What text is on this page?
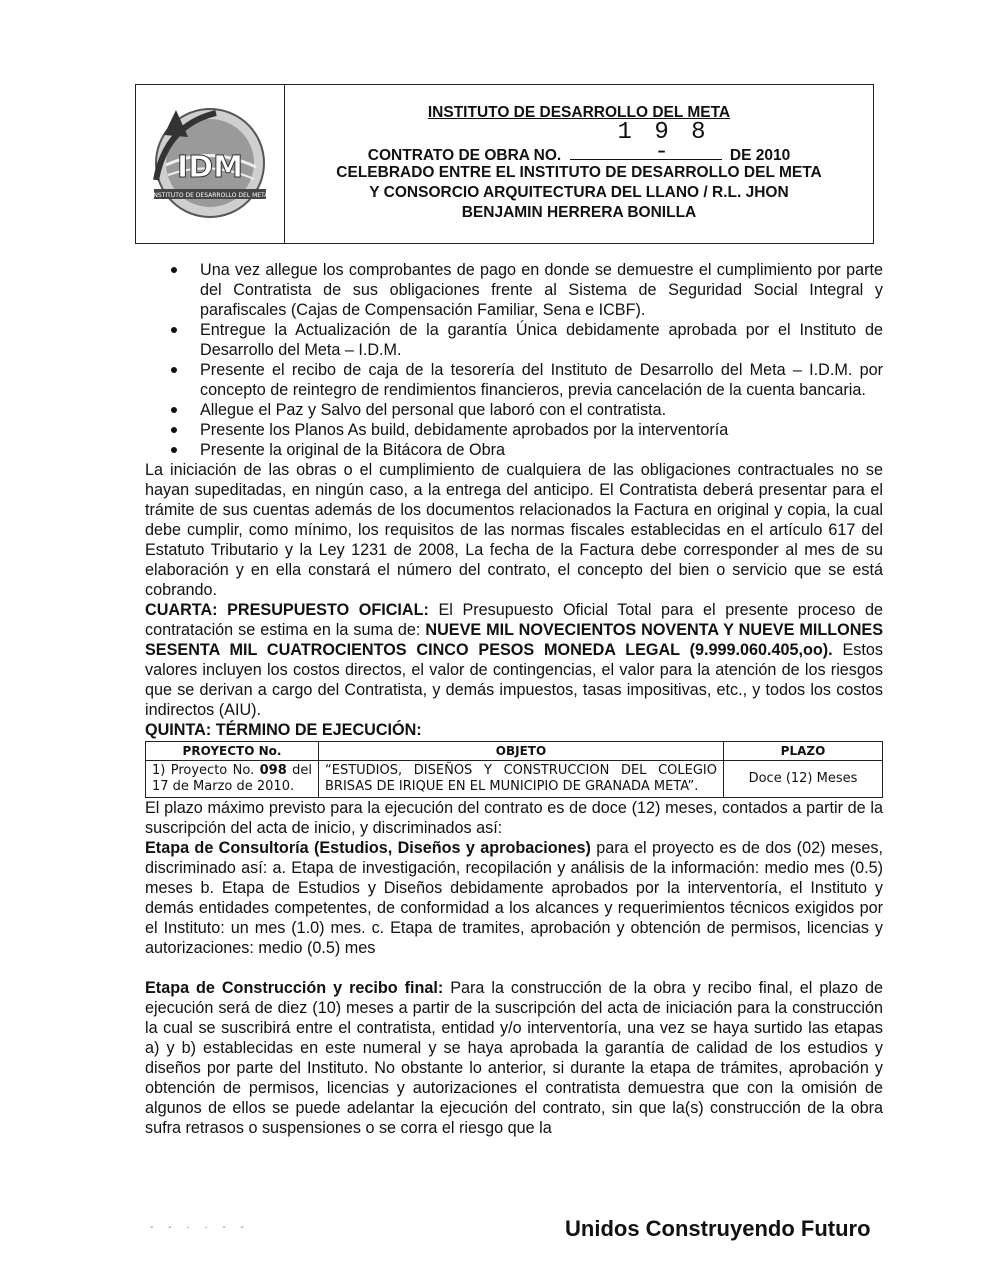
IDM
INSTITUTO DE DESARROLLO DEL META
INSTITUTO DE DESARROLLO DEL META
CONTRATO DE OBRA NO.
1 9 8 -	DE 2010
CELEBRADO ENTRE EL INSTITUTO DE DESARROLLO DEL META
Y CONSORCIO ARQUITECTURA DEL LLANO / R.L. JHON
BENJAMIN HERRERA BONILLA
Una vez allegue los comprobantes de pago en donde se demuestre el cumplimiento por parte del Contratista de sus obligaciones frente al Sistema de Seguridad Social Integral y parafiscales (Cajas de Compensación Familiar, Sena e ICBF).
Entregue la Actualización de la garantía Única debidamente aprobada por el Instituto de Desarrollo del Meta – I.D.M.
Presente el recibo de caja de la tesorería del Instituto de Desarrollo del Meta – I.D.M. por concepto de reintegro de rendimientos financieros, previa cancelación de la cuenta bancaria.
Allegue el Paz y Salvo del personal que laboró con el contratista.
Presente los Planos As build, debidamente aprobados por la interventoría
Presente la original de la Bitácora de Obra

La iniciación de las obras o el cumplimiento de cualquiera de las obligaciones contractuales no se hayan supeditadas, en ningún caso, a la entrega del anticipo. El Contratista deberá presentar para el trámite de sus cuentas además de los documentos relacionados la Factura en original y copia, la cual debe cumplir, como mínimo, los requisitos de las normas fiscales establecidas en el artículo 617 del Estatuto Tributario y la Ley 1231 de 2008, La fecha de la Factura debe corresponder al mes de su elaboración y en ella constará el número del contrato, el concepto del bien o servicio que se está cobrando.

CUARTA: PRESUPUESTO OFICIAL: El Presupuesto Oficial Total para el presente proceso de contratación se estima en la suma de: NUEVE MIL NOVECIENTOS NOVENTA Y NUEVE MILLONES SESENTA MIL CUATROCIENTOS CINCO PESOS MONEDA LEGAL (9.999.060.405,oo). Estos valores incluyen los costos directos, el valor de contingencias, el valor para la atención de los riesgos que se derivan a cargo del Contratista, y demás impuestos, tasas impositivas, etc., y todos los costos indirectos (AIU).

QUINTA: TÉRMINO DE EJECUCIÓN:

PROYECTO No.	OBJETO	PLAZO
1) Proyecto No. 098 del 17 de Marzo de 2010.	“ESTUDIOS, DISEÑOS Y CONSTRUCCION DEL COLEGIO BRISAS DE IRIQUE EN EL MUNICIPIO DE GRANADA META”.	Doce (12) Meses

El plazo máximo previsto para la ejecución del contrato es de doce (12) meses, contados a partir de la suscripción del acta de inicio, y discriminados así:

Etapa de Consultoría (Estudios, Diseños y aprobaciones) para el proyecto es de dos (02) meses, discriminado así: a. Etapa de investigación, recopilación y análisis de la información: medio mes (0.5) meses b. Etapa de Estudios y Diseños debidamente aprobados por la interventoría, el Instituto y demás entidades competentes, de conformidad a los alcances y requerimientos técnicos exigidos por el Instituto: un mes (1.0) mes. c. Etapa de tramites, aprobación y obtención de permisos, licencias y autorizaciones: medio (0.5) mes

Etapa de Construcción y recibo final: Para la construcción de la obra y recibo final, el plazo de ejecución será de diez (10) meses a partir de la suscripción del acta de iniciación para la construcción la cual se suscribirá entre el contratista, entidad y/o interventoría, una vez se haya surtido las etapas a) y b) establecidas en este numeral y se haya aprobada la garantía de calidad de los estudios y diseños por parte del Instituto. No obstante lo anterior, si durante la etapa de trámites, aprobación y obtención de permisos, licencias y autorizaciones el contratista demuestra que con la omisión de algunos de ellos se puede adelantar la ejecución del contrato, sin que la(s) construcción de la obra sufra retrasos o suspensiones o se corra el riesgo que la

- - · · - -	Unidos Construyendo Futuro
